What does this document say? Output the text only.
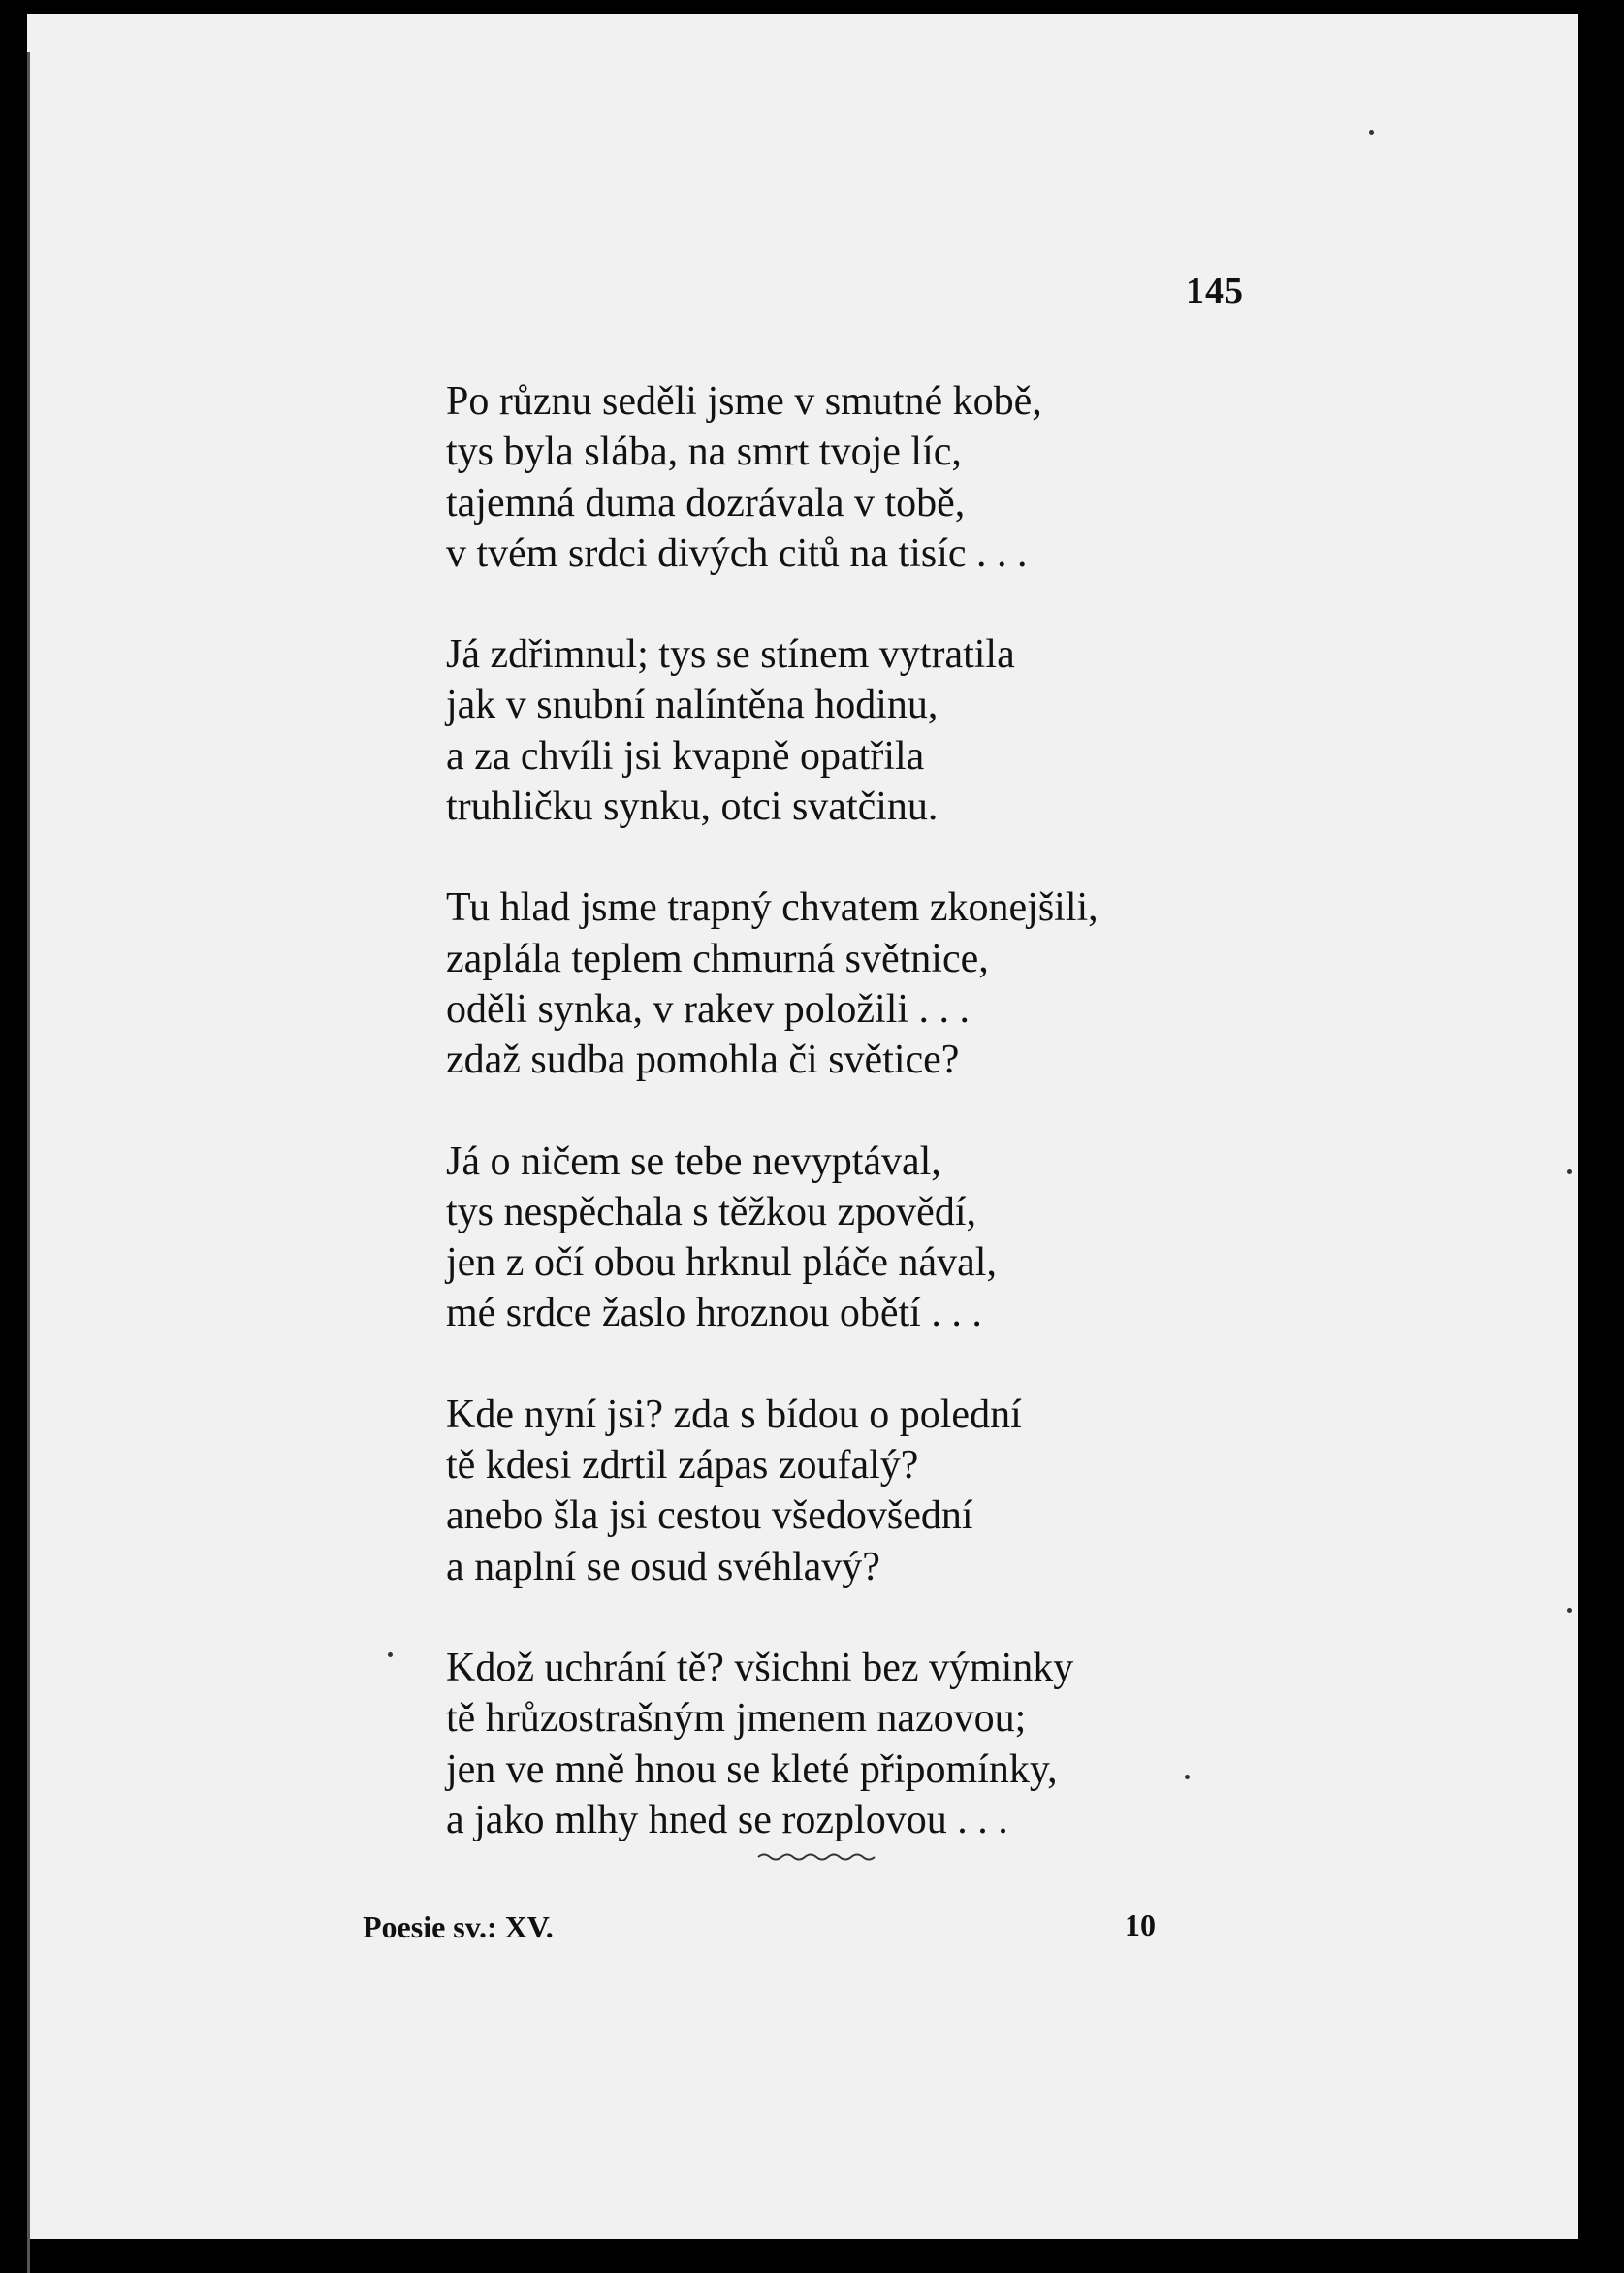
145
Po různu seděli jsme v smutné kobě,
tys byla slába, na smrt tvoje líc,
tajemná duma dozrávala v tobě,
v tvém srdci divých citů na tisíc . . .
Já zdřimnul; tys se stínem vytratila
jak v snubní nalíntěna hodinu,
a za chvíli jsi kvapně opatřila
truhličku synku, otci svatčinu.
Tu hlad jsme trapný chvatem zkonejšili,
zaplála teplem chmurná světnice,
oděli synka, v rakev položili . . .
zdaž sudba pomohla či světice?
Já o ničem se tebe nevyptával,
tys nespěchala s těžkou zpovědí,
jen z očí obou hrknul pláče nával,
mé srdce žaslo hroznou obětí . . .
Kde nyní jsi? zda s bídou o polední
tě kdesi zdrtil zápas zoufalý?
anebo šla jsi cestou všedovšední
a naplní se osud svéhlavý?
Kdož uchrání tě? všichni bez výminky
tě hrůzostrašným jmenem nazovou;
jen ve mně hnou se kleté připomínky,
a jako mlhy hned se rozplovou . . .
Poesie sv.: XV.	10
